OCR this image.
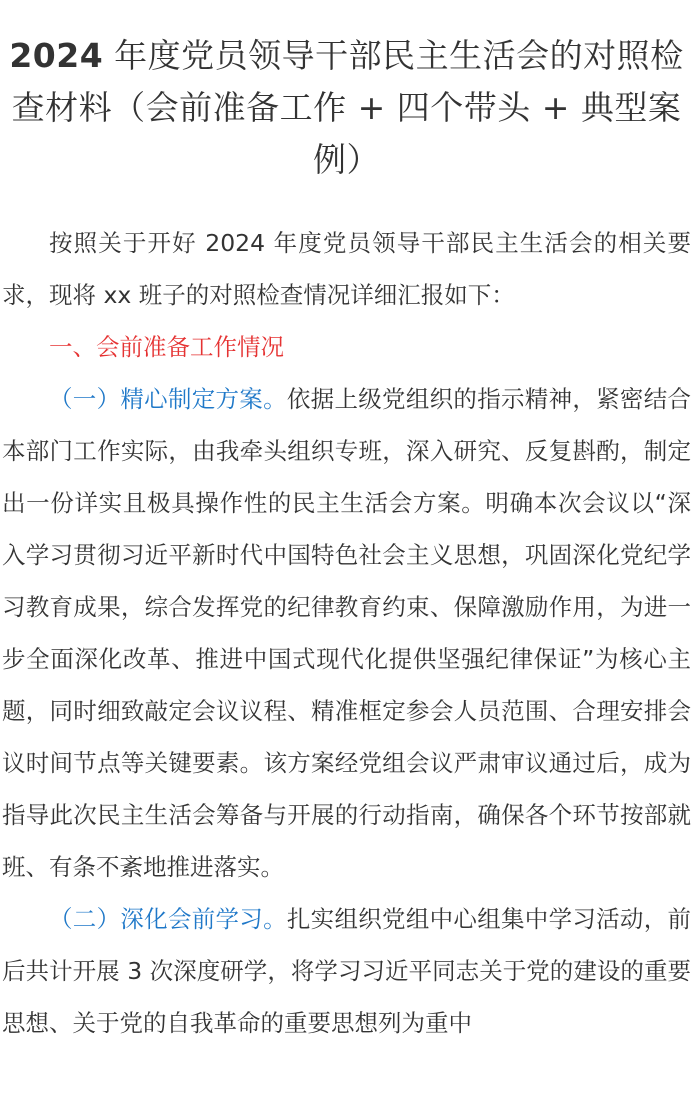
2024 年度党员领导干部民主生活会的对照检查材料（会前准备工作 + 四个带头 + 典型案例）

按照关于开好 2024 年度党员领导干部民主生活会的相关要求，现将 xx 班子的对照检查情况详细汇报如下：

一、会前准备工作情况

（一）精心制定方案。依据上级党组织的指示精神，紧密结合本部门工作实际，由我牵头组织专班，深入研究、反复斟酌，制定出一份详实且极具操作性的民主生活会方案。明确本次会议以“深入学习贯彻习近平新时代中国特色社会主义思想，巩固深化党纪学习教育成果，综合发挥党的纪律教育约束、保障激励作用，为进一步全面深化改革、推进中国式现代化提供坚强纪律保证”为核心主题，同时细致敲定会议议程、精准框定参会人员范围、合理安排会议时间节点等关键要素。该方案经党组会议严肃审议通过后，成为指导此次民主生活会筹备与开展的行动指南，确保各个环节按部就班、有条不紊地推进落实。

（二）深化会前学习。扎实组织党组中心组集中学习活动，前后共计开展 3 次深度研学，将学习习近平同志关于党的建设的重要思想、关于党的自我革命的重要思想列为重中
